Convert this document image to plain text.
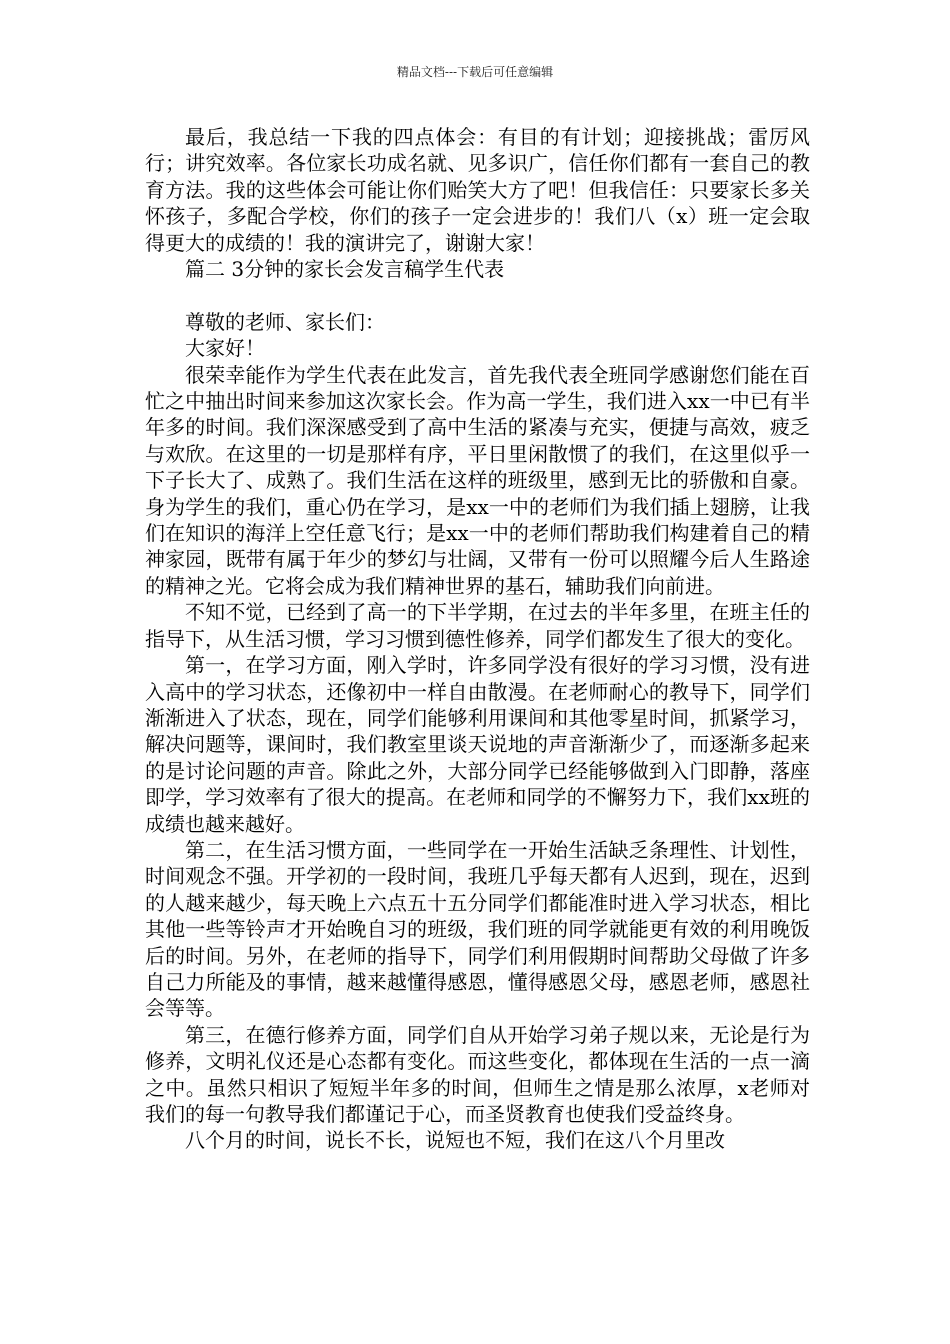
精品文档---下载后可任意编辑

最后，我总结一下我的四点体会：有目的有计划；迎接挑战；雷厉风行；讲究效率。各位家长功成名就、见多识广，信任你们都有一套自己的教育方法。我的这些体会可能让你们贻笑大方了吧！但我信任：只要家长多关怀孩子，多配合学校，你们的孩子一定会进步的！我们八（x）班一定会取得更大的成绩的！我的演讲完了，谢谢大家！

篇二 3分钟的家长会发言稿学生代表

尊敬的老师、家长们：

大家好！

很荣幸能作为学生代表在此发言，首先我代表全班同学感谢您们能在百忙之中抽出时间来参加这次家长会。作为高一学生，我们进入xx一中已有半年多的时间。我们深深感受到了高中生活的紧凑与充实，便捷与高效，疲乏与欢欣。在这里的一切是那样有序，平日里闲散惯了的我们，在这里似乎一下子长大了、成熟了。我们生活在这样的班级里，感到无比的骄傲和自豪。身为学生的我们，重心仍在学习，是xx一中的老师们为我们插上翅膀，让我们在知识的海洋上空任意飞行；是xx一中的老师们帮助我们构建着自己的精神家园，既带有属于年少的梦幻与壮阔，又带有一份可以照耀今后人生路途的精神之光。它将会成为我们精神世界的基石，辅助我们向前进。

不知不觉，已经到了高一的下半学期，在过去的半年多里，在班主任的指导下，从生活习惯，学习习惯到德性修养，同学们都发生了很大的变化。

第一，在学习方面，刚入学时，许多同学没有很好的学习习惯，没有进入高中的学习状态，还像初中一样自由散漫。在老师耐心的教导下，同学们渐渐进入了状态，现在，同学们能够利用课间和其他零星时间，抓紧学习，解决问题等，课间时，我们教室里谈天说地的声音渐渐少了，而逐渐多起来的是讨论问题的声音。除此之外，大部分同学已经能够做到入门即静，落座即学，学习效率有了很大的提高。在老师和同学的不懈努力下，我们xx班的成绩也越来越好。

第二，在生活习惯方面，一些同学在一开始生活缺乏条理性、计划性，时间观念不强。开学初的一段时间，我班几乎每天都有人迟到，现在，迟到的人越来越少，每天晚上六点五十五分同学们都能准时进入学习状态，相比其他一些等铃声才开始晚自习的班级，我们班的同学就能更有效的利用晚饭后的时间。另外，在老师的指导下，同学们利用假期时间帮助父母做了许多自己力所能及的事情，越来越懂得感恩，懂得感恩父母，感恩老师，感恩社会等等。

第三，在德行修养方面，同学们自从开始学习弟子规以来，无论是行为修养，文明礼仪还是心态都有变化。而这些变化，都体现在生活的一点一滴之中。虽然只相识了短短半年多的时间，但师生之情是那么浓厚，x老师对我们的每一句教导我们都谨记于心，而圣贤教育也使我们受益终身。

八个月的时间，说长不长，说短也不短，我们在这八个月里改
